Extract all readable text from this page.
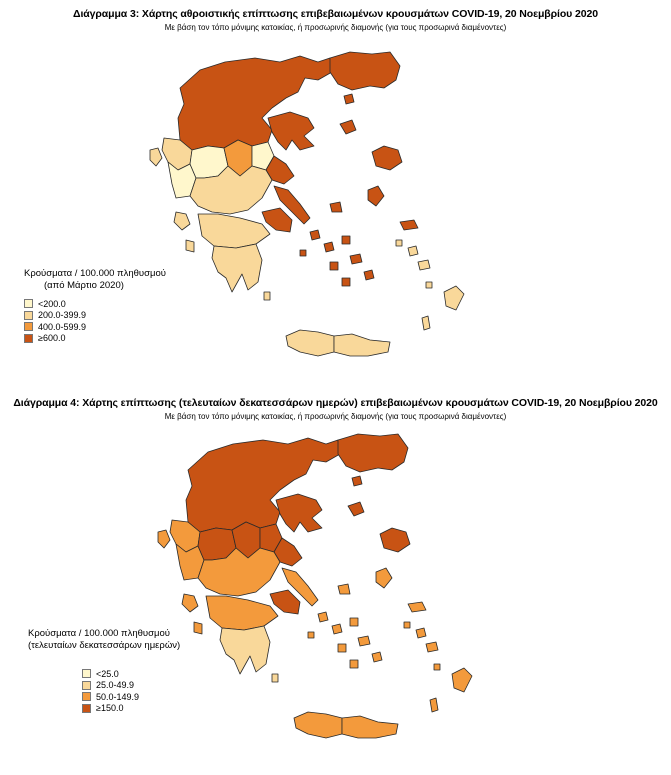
Διάγραμμα 3: Χάρτης αθροιστικής επίπτωσης επιβεβαιωμένων κρουσμάτων COVID-19, 20 Νοεμβρίου 2020
Με βάση τον τόπο μόνιμης κατοικίας, ή προσωρινής διαμονής (για τους προσωρινά διαμένοντες)
Κρούσματα / 100.000 πληθυσμού
(από Μάρτιο 2020)
<200.0
200.0-399.9
400.0-599.9
≥600.0
Διάγραμμα 4: Χάρτης επίπτωσης (τελευταίων δεκατεσσάρων ημερών) επιβεβαιωμένων κρουσμάτων COVID-19, 20 Νοεμβρίου 2020
Με βάση τον τόπο μόνιμης κατοικίας, ή προσωρινής διαμονής (για τους προσωρινά διαμένοντες)
Κρούσματα / 100.000 πληθυσμού
(τελευταίων δεκατεσσάρων ημερών)
<25.0
25.0-49.9
50.0-149.9
≥150.0
